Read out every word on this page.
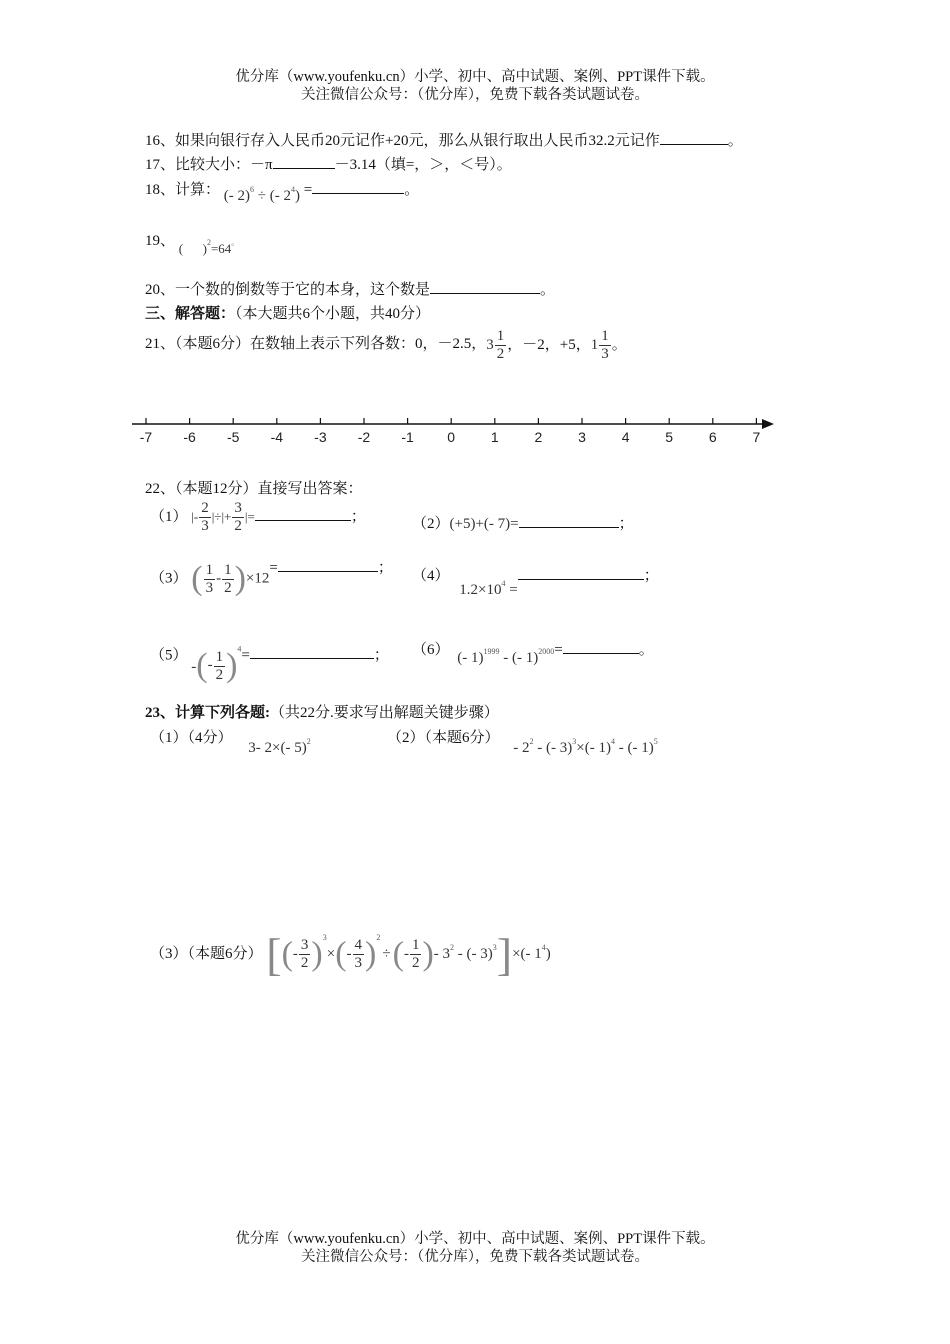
优分库（www.youfenku.cn）小学、初中、高中试题、案例、PPT课件下载。
关注微信公众号：（优分库），免费下载各类试题试卷。
16、如果向银行存入人民币20元记作+20元，那么从银行取出人民币32.2元记作	。
17、比较大小：－π	－3.14（填=，＞，＜号）。
18、计算： (- 2)$^6$ ÷ (- $2^4$) =	。
19、 (      )$^2$=64。
20、一个数的倒数等于它的本身，这个数是	。
三、解答题：（本大题共6个小题，共40分）
21、（本题6分）在数轴上表示下列各数：0，－2.5，$3 \frac{1}{2}$ ，－2，+5，$1 \frac{1}{3}$ 。
-7	-6	-5	-4	-3	-2	-1	0	1	2	3	4	5	6	7
22、（本题12分）直接写出答案：
（1） |- $\frac{2}{3}$ |÷|+ $\frac{3}{2}$ |=	；	（2）(+5)+(- 7)=	；
（3） ( $\frac{1}{3} - \frac{1}{2} )\times 12=$	； （4） $1.2\times 10^4$ =；
（5） -(- $\frac{1}{2} )^4=$	； （6） (- 1)$^{1999}$ - (- 1)$^{2000}$=	。
23、计算下列各题:（共22分.要求写出解题关键步骤）
（1）（4分） 3- 2×(- 5)$^2$	（2）（本题6分） - $2^2$ - (- 3)$^3$×(- 1)$^4$ - (- 1)$^5$
（3）（本题6分） [(- $\frac{3}{2} )^3\times(- \frac{4}{3} )^2\div(- \frac{1}{2}$ )- $3^2$ - (- 3)$^3$]×(- $1^4$)
优分库（www.youfenku.cn）小学、初中、高中试题、案例、PPT课件下载。
关注微信公众号：（优分库），免费下载各类试题试卷。
